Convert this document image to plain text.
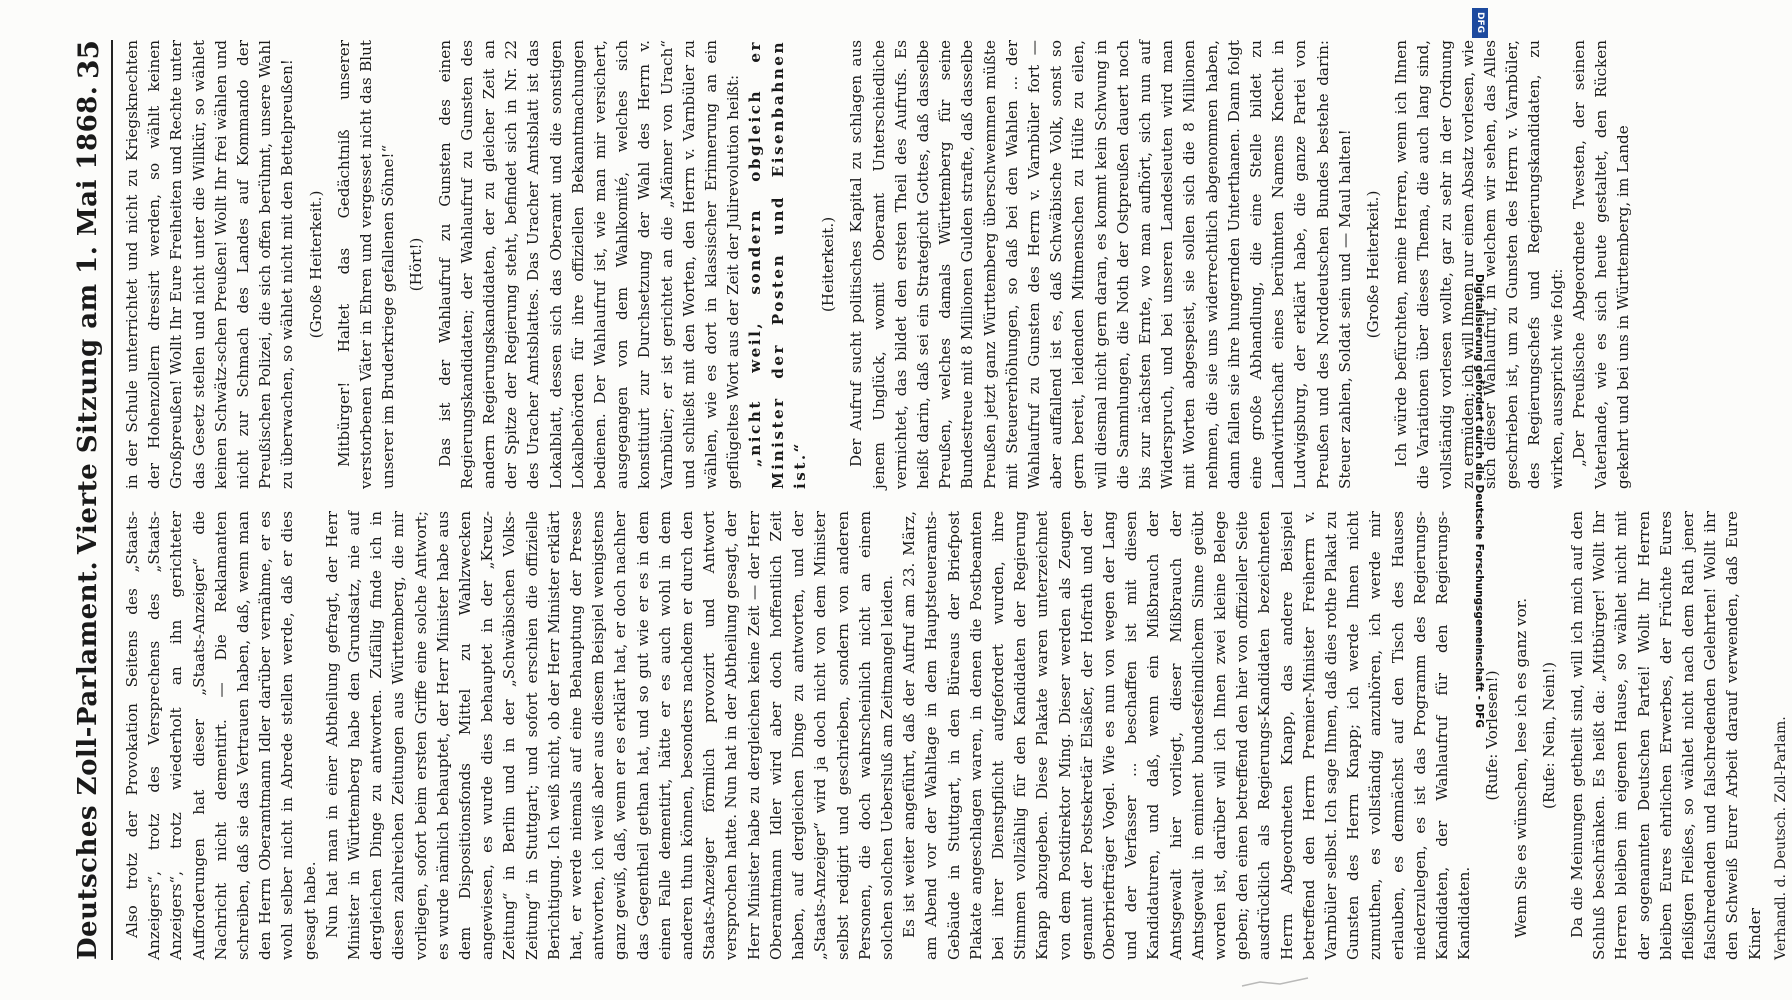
Deutsches Zoll-Parlament.
Vierte Sitzung am 1. Mai 1868.
35

Also trotz der Provokation Seitens des „Staats-Anzeigers“, trotz des Versprechens des „Staats-Anzeigers“, trotz wiederholt an ihn gerichteter Aufforderungen hat dieser „Staats-Anzeiger“ die Nachricht nicht dementirt. — Die Reklamanten schreiben, daß sie das Vertrauen haben, daß, wenn man den Herrn Oberamtmann Idler darüber vernähme, er es wohl selber nicht in Abrede stellen werde, daß er dies gesagt habe. Nun hat man in einer Abtheilung gefragt, der Herr Minister in Württemberg habe den Grundsatz, nie auf dergleichen Dinge zu antworten. Zufällig finde ich in diesen zahlreichen Zeitungen aus Württemberg, die mir vorliegen, sofort beim ersten Griffe eine solche Antwort; es wurde nämlich behauptet, der Herr Minister habe aus dem Dispositionsfonds Mittel zu Wahlzwecken angewiesen, es wurde dies behauptet in der „Kreuz-Zeitung“ in Berlin und in der „Schwäbischen Volks-Zeitung“ in Stuttgart; und sofort erschien die offizielle Berichtigung. Ich weiß nicht, ob der Herr Minister erklärt hat, er werde niemals auf eine Behauptung der Presse antworten, ich weiß aber aus diesem Beispiel wenigstens ganz gewiß, daß, wenn er es erklärt hat, er doch nachher das Gegentheil gethan hat, und so gut wie er es in dem einen Falle dementirt, hätte er es auch wohl in dem anderen thun können, besonders nachdem er durch den Staats-Anzeiger förmlich provozirt und Antwort versprochen hatte. Nun hat in der Abtheilung gesagt, der Herr Minister habe zu dergleichen keine Zeit — der Herr Oberamtmann Idler wird aber doch hoffentlich Zeit haben, auf dergleichen Dinge zu antworten, und der „Staats-Anzeiger“ wird ja doch nicht von dem Minister selbst redigirt und geschrieben, sondern von anderen Personen, die doch wahrscheinlich nicht an einem solchen solchen Uebersluß am Zeitmangel leiden. Es ist weiter angeführt, daß der Aufruf am 23. März, am Abend vor der Wahltage in dem Hauptsteueramts-Gebäude in Stuttgart, in den Büreaus der Briefpost Plakate angeschlagen waren, in denen die Postbeamten bei ihrer Dienstpflicht aufgefordert wurden, ihre Stimmen vollzählig für den Kandidaten der Regierung Knapp abzugeben. Diese Plakate waren unterzeichnet von dem Postdirektor Ming. Dieser werden als Zeugen genannt der Postsekretär Elsäßer, der Hofrath und der Oberbriefträger Vogel. Wie es nun von wegen der Lang und der Verfasser ... beschaffen ist mit diesen Kandidaturen, und daß, wenn ein Mißbrauch der Amtsgewalt hier vorliegt, dieser Mißbrauch der Amtsgewalt in eminent bundesfeindlichem Sinne geübt worden ist, darüber will ich Ihnen zwei kleine Belege geben; den einen betreffend den hier von offizieller Seite ausdrücklich als Regierungs-Kandidaten bezeichneten Herrn Abgeordneten Knapp, das andere Beispiel betreffend den Herrn Premier-Minister Freiherrn v. Varnbüler selbst. Ich sage Ihnen, daß dies rothe Plakat zu Gunsten des Herrn Knapp; ich werde Ihnen nicht zumuthen, es vollständig anzuhören, ich werde mir erlauben, es demnächst auf den Tisch des Hauses niederzulegen, es ist das Programm des Regierungs-Kandidaten, der Wahlaufruf für den Regierungs-Kandidaten.

(Rufe: Vorlesen!) Wenn Sie es wünschen, lese ich es ganz vor. (Rufe: Nein, Nein!) Da die Meinungen getheilt sind, will ich mich auf den Schluß beschränken. Es heißt da: „Mitbürger! Wollt Ihr Herren bleiben im eigenen Hause, so wählet nicht mit der sogenannten Deutschen Partei! Wollt Ihr Herren bleiben Eures ehrlichen Erwerbes, der Früchte Eures fleißigen Fleißes, so wählet nicht nach dem Rath jener falschredenden und falschredenden Gelehrten! Wollt ihr den Schweiß Eurer Arbeit darauf verwenden, daß Eure Kinder Verhandl. d. Deutsch. Zoll-Parlam.

in der Schule unterrichtet und nicht zu Kriegsknechten der Hohenzollern dressirt werden, so wählt keinen Großpreußen! Wollt Ihr Eure Freiheiten und Rechte unter das Gesetz stellen und nicht unter die Willkür, so wählet keinen Schwätz-schen Preußen! Wollt Ihr frei wählen und nicht zur Schmach des Landes auf Kommando der Preußischen Polizei, die sich offen berühmt, unsere Wahl zu überwachen, so wählet nicht mit den Bettelpreußen! (Große Heiterkeit.) Mitbürger! Haltet das Gedächtniß unserer verstorbenen Väter in Ehren und vergesset nicht das Blut unserer im Bruderkriege gefallenen Söhne!“ (Hört!) Das ist der Wahlaufruf zu Gunsten des einen Regierungskandidaten; der Wahlaufruf zu Gunsten des andern Regierungskandidaten, der zu gleicher Zeit an der Spitze der Regierung steht, befindet sich in Nr. 22 des Uracher Amtsblattes. Das Uracher Amtsblatt ist das Lokalblatt, dessen sich das Oberamt und die sonstigen Lokalbehörden für ihre offiziellen Bekanntmachungen bedienen. Der Wahlaufruf ist, wie man mir versichert, ausgegangen von dem Wahlkomité, welches sich konstituirt zur Durchsetzung der Wahl des Herrn v. Varnbüler; er ist gerichtet an die „Männer von Urach“ und schließt mit den Worten, den Herrn v. Varnbüler zu wählen, wie es dort in klassischer Erinnerung an ein geflügeltes Wort aus der Zeit der Julirevolution heißt: „nicht weil, sondern obgleich er Minister der Posten und Eisenbahnen ist.“

(Heiterkeit.) Der Aufruf sucht politisches Kapital zu schlagen aus jenem Unglück, womit Oberamt Unterschiedliche vernichtet, das bildet den ersten Theil des Aufrufs. Es heißt darin, daß sei ein Strategicht Gottes, daß dasselbe Preußen, welches damals Württemberg für seine Bundestreue mit 8 Millionen Gulden strafte, daß dasselbe Preußen jetzt ganz Württemberg überschwemmen müßte mit Steuererhöhungen, so daß bei den Wahlen ... der Wahlaufruf zu Gunsten des Herrn v. Varnbüler fort — aber auffallend ist es, daß Schwäbische Volk, sonst so gern bereit, leidenden Mitmenschen zu Hülfe zu eilen, will diesmal nicht gern daran, es kommt kein Schwung in die Sammlungen, die Noth der Ostpreußen dauert noch bis zur nächsten Ernte, wo man aufhört, sich nun auf Widerspruch, und bei unseren Landesleuten wird man mit Worten abgespeist, sie sollen sich die 8 Millionen nehmen, die sie uns widerrechtlich abgenommen haben, dann fallen sie ihre hungernden Unterthanen. Dann folgt eine große Abhandlung, die eine Stelle bildet zu Landwirthschaft eines berühmten Namens Knecht in Ludwigsburg, der erklärt habe, die ganze Partei von Preußen und des Norddeutschen Bundes bestehe darin: Steuer zahlen, Soldat sein und — Maul halten! (Große Heiterkeit.) Ich würde befürchten, meine Herren, wenn ich Ihnen die Variationen über dieses Thema, die auch lang sind, vollständig vorlesen wollte, gar zu sehr in der Ordnung zu ermüden; ich will Ihnen nur einen Absatz vorlesen, wie sich dieser Wahlaufruf, in welchem wir sehen, das Alles geschrieben ist, um zu Gunsten des Herrn v. Varnbüler, des Regierungschefs und Regierungskandidaten, zu wirken, ausspricht wie folgt: „Der Preußische Abgeordnete Twesten, der seinen Vaterlande, wie es sich heute gestaltet, den Rücken gekehrt und bei uns in Württemberg, im Lande

Digitalisierung gefördert durch die Deutsche Forschungsgemeinschaft - DFG
DFG
